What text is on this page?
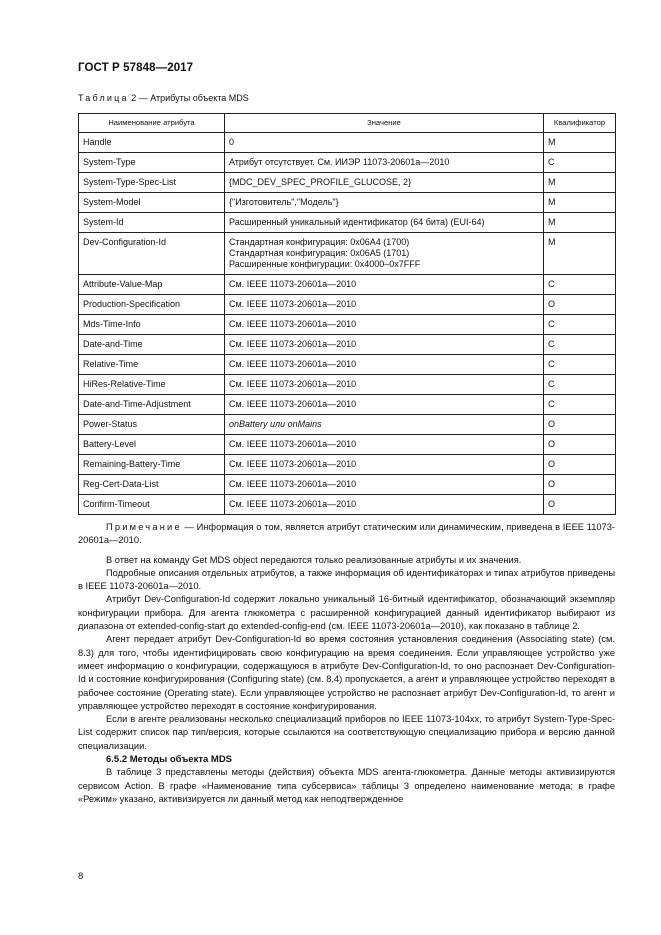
ГОСТ Р 57848—2017
Таблица 2 — Атрибуты объекта MDS
Наименование атрибута	Значение	Квалификатор
Handle	0	M
System-Type	Атрибут отсутствует. См. ИИЭР 11073-20601а—2010	C
System-Type-Spec-List	{MDC_DEV_SPEC_PROFILE_GLUCOSE, 2}	M
System-Model	{"Изготовитель","Модель"}	M
System-Id	Расширенный уникальный идентификатор (64 бита) (EUI-64)	M
Dev-Configuration-Id	Стандартная конфигурация: 0x06A4 (1700)
Стандартная конфигурация: 0x06A5 (1701)
Расширенные конфигурации: 0x4000–0x7FFF	M
Attribute-Value-Map	См. IEEE 11073-20601a—2010	C
Production-Specification	См. IEEE 11073-20601a—2010	O
Mds-Time-Info	См. IEEE 11073-20601a—2010	C
Date-and-Time	См. IEEE 11073-20601a—2010	C
Relative-Time	См. IEEE 11073-20601a—2010	C
HiRes-Relative-Time	См. IEEE 11073-20601a—2010	C
Date-and-Time-Adjustment	См. IEEE 11073-20601a—2010	C
Power-Status	onBattery или onMains	O
Battery-Level	См. IEEE 11073-20601a—2010	O
Remaining-Battery-Time	См. IEEE 11073-20601a—2010	O
Reg-Cert-Data-List	См. IEEE 11073-20601a—2010	O
Confirm-Timeout	См. IEEE 11073-20601a—2010	O

Примечание — Информация о том, является атрибут статическим или динамическим, приведена в IEEE 11073-20601a—2010.

В ответ на команду Get MDS object передаются только реализованные атрибуты и их значения.

Подробные описания отдельных атрибутов, а также информация об идентификаторах и типах атрибутов приведены в IEEE 11073-20601a—2010.

Атрибут Dev-Configuration-Id содержит локально уникальный 16-битный идентификатор, обозначающий экземпляр конфигурации прибора. Для агента глюкометра с расширенной конфигурацией данный идентификатор выбирают из диапазона от extended-config-start до extended-config-end (см. IEEE 11073-20601a—2010), как показано в таблице 2.

Агент передает атрибут Dev-Configuration-Id во время состояния установления соединения (Associating state) (см. 8.3) для того, чтобы идентифицировать свою конфигурацию на время соединения. Если управляющее устройство уже имеет информацию о конфигурации, содержащуюся в атрибуте Dev-Configuration-Id, то оно распознает Dev-Configuration-Id и состояние конфигурирования (Configuring state) (см. 8.4) пропускается, а агент и управляющее устройство переходят в рабочее состояние (Operating state). Если управляющее устройство не распознает атрибут Dev-Configuration-Id, то агент и управляющее устройство переходят в состояние конфигурирования.

Если в агенте реализованы несколько специализаций приборов по IEEE 11073-104xx, то атрибут System-Type-Spec-List содержит список пар тип/версия, которые ссылаются на соответствующую специализацию прибора и версию данной специализации.

6.5.2 Методы объекта MDS

В таблице 3 представлены методы (действия) объекта MDS агента-глюкометра. Данные методы активизируются сервисом Action. В графе «Наименование типа субсервиса» таблицы 3 определено наименование метода; в графе «Режим» указано, активизируется ли данный метод как неподтвержденное

8
